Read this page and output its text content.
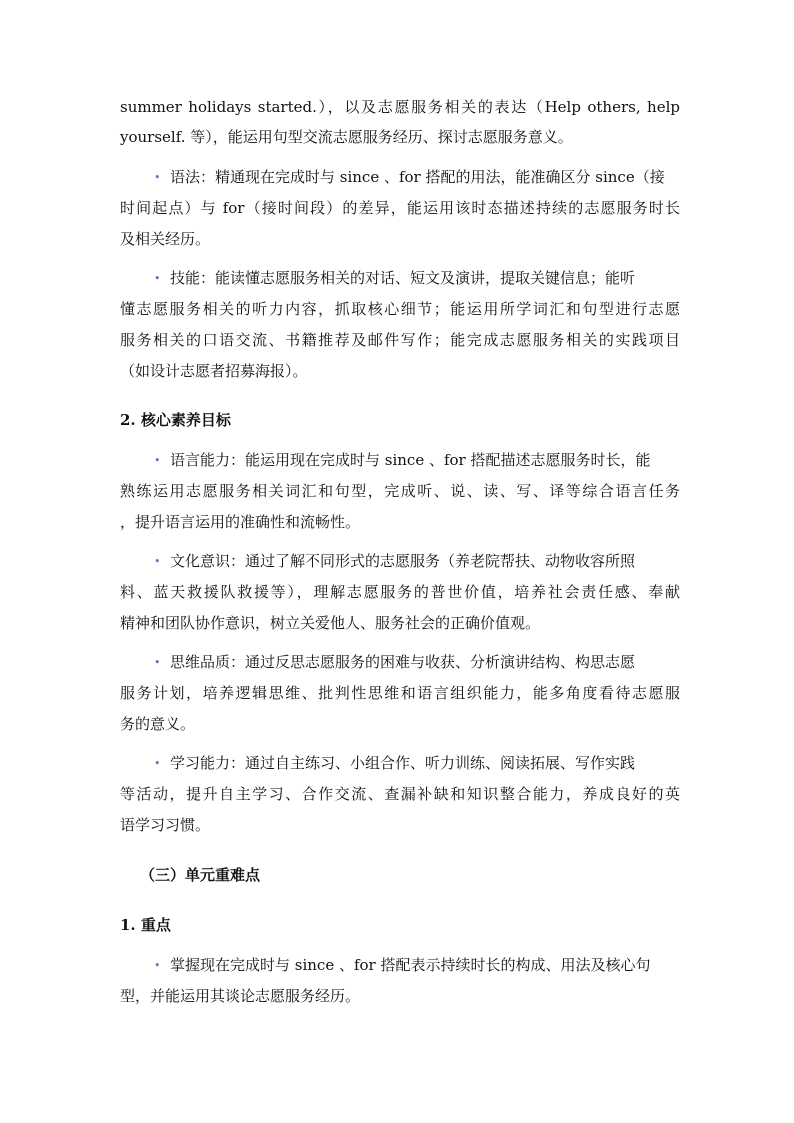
summer holidays started.），以及志愿服务相关的表达（Help others, help
yourself. 等），能运用句型交流志愿服务经历、探讨志愿服务意义。
• 语法：精通现在完成时与 since 、for 搭配的用法，能准确区分 since（接
时间起点）与 for（接时间段）的差异，能运用该时态描述持续的志愿服务时长
及相关经历。
• 技能：能读懂志愿服务相关的对话、短文及演讲，提取关键信息；能听
懂志愿服务相关的听力内容，抓取核心细节；能运用所学词汇和句型进行志愿
服务相关的口语交流、书籍推荐及邮件写作；能完成志愿服务相关的实践项目
（如设计志愿者招募海报）。
2. 核心素养目标
• 语言能力：能运用现在完成时与 since 、for 搭配描述志愿服务时长，能
熟练运用志愿服务相关词汇和句型，完成听、说、读、写、译等综合语言任务
，提升语言运用的准确性和流畅性。
• 文化意识：通过了解不同形式的志愿服务（养老院帮扶、动物收容所照
料、蓝天救援队救援等），理解志愿服务的普世价值，培养社会责任感、奉献
精神和团队协作意识，树立关爱他人、服务社会的正确价值观。
• 思维品质：通过反思志愿服务的困难与收获、分析演讲结构、构思志愿
服务计划，培养逻辑思维、批判性思维和语言组织能力，能多角度看待志愿服
务的意义。
• 学习能力：通过自主练习、小组合作、听力训练、阅读拓展、写作实践
等活动，提升自主学习、合作交流、查漏补缺和知识整合能力，养成良好的英
语学习习惯。
（三）单元重难点
1. 重点
• 掌握现在完成时与 since 、for 搭配表示持续时长的构成、用法及核心句
型，并能运用其谈论志愿服务经历。
